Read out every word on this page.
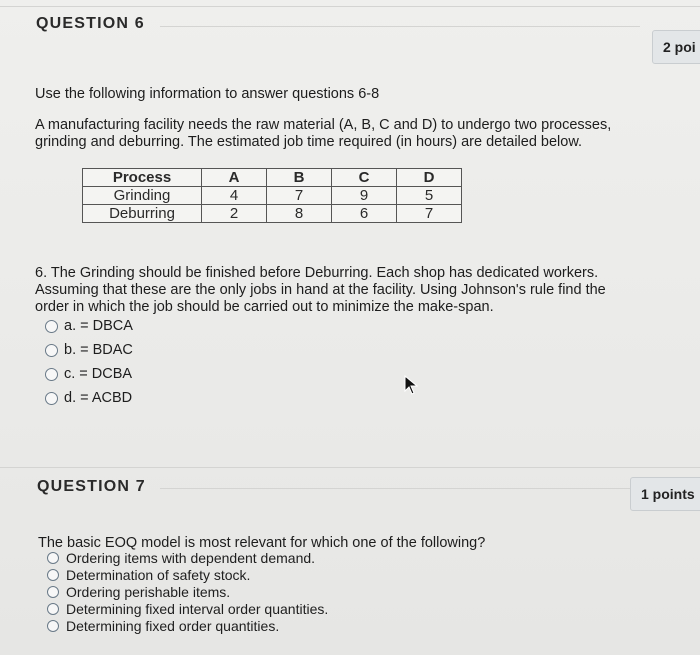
QUESTION 6
2 poi
Use the following information to answer questions 6-8
A manufacturing facility needs the raw material (A, B, C and D) to undergo two processes,
grinding and deburring. The estimated job time required (in hours) are detailed below.
Process	A	B	C	D
Grinding	4	7	9	5
Deburring	2	8	6	7
6. The Grinding should be finished before Deburring. Each shop has dedicated workers.
Assuming that these are the only jobs in hand at the facility. Using Johnson's rule find the
order in which the job should be carried out to minimize the make-span.
a. = DBCA
b. = BDAC
c. = DCBA
d. = ACBD
QUESTION 7	1 points
The basic EOQ model is most relevant for which one of the following?
Ordering items with dependent demand.
Determination of safety stock.
Ordering perishable items.
Determining fixed interval order quantities.
Determining fixed order quantities.
